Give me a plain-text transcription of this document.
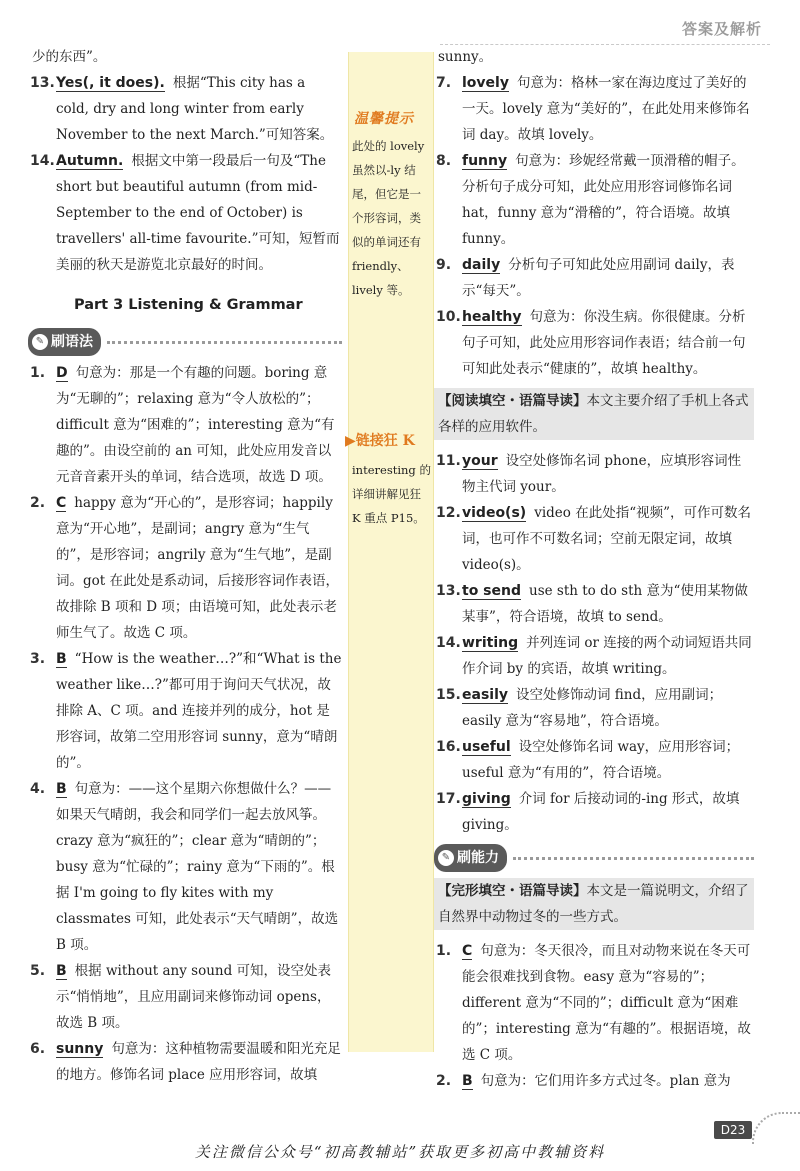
答案及解析
温馨提示
此处的 lovely 虽然以-ly 结尾，但它是一个形容词，类似的单词还有 friendly、lively 等。
▶链接狂 K
interesting 的详细讲解见狂 K 重点 P15。

少的东西”。

13. Yes(, it does). 根据“This city has a cold, dry and long winter from early November to the next March.”可知答案。
14. Autumn. 根据文中第一段最后一句及“The short but beautiful autumn (from mid-September to the end of October) is travellers' all-time favourite.”可知，短暂而美丽的秋天是游览北京最好的时间。
Part 3 Listening & Grammar
✎ 刷语法
1. D 句意为：那是一个有趣的问题。boring 意为“无聊的”；relaxing 意为“令人放松的”；difficult 意为“困难的”；interesting 意为“有趣的”。由设空前的 an 可知，此处应用发音以元音音素开头的单词，结合选项，故选 D 项。
2. C happy 意为“开心的”，是形容词；happily 意为“开心地”，是副词；angry 意为“生气的”，是形容词；angrily 意为“生气地”，是副词。got 在此处是系动词，后接形容词作表语，故排除 B 项和 D 项；由语境可知，此处表示老师生气了。故选 C 项。
3. B “How is the weather…?”和“What is the weather like…?”都可用于询问天气状况，故排除 A、C 项。and 连接并列的成分，hot 是形容词，故第二空用形容词 sunny，意为“晴朗的”。
4. B 句意为：——这个星期六你想做什么？——如果天气晴朗，我会和同学们一起去放风筝。crazy 意为“疯狂的”；clear 意为“晴朗的”；busy 意为“忙碌的”；rainy 意为“下雨的”。根据 I'm going to fly kites with my classmates 可知，此处表示“天气晴朗”，故选 B 项。
5. B 根据 without any sound 可知，设空处表示“悄悄地”，且应用副词来修饰动词 opens，故选 B 项。
6. sunny 句意为：这种植物需要温暖和阳光充足的地方。修饰名词 place 应用形容词，故填

sunny。

7. lovely 句意为：格林一家在海边度过了美好的一天。lovely 意为“美好的”，在此处用来修饰名词 day。故填 lovely。
8. funny 句意为：珍妮经常戴一顶滑稽的帽子。分析句子成分可知，此处应用形容词修饰名词 hat，funny 意为“滑稽的”，符合语境。故填 funny。
9. daily 分析句子可知此处应用副词 daily，表示“每天”。
10. healthy 句意为：你没生病。你很健康。分析句子可知，此处应用形容词作表语；结合前一句可知此处表示“健康的”，故填 healthy。
【阅读填空・语篇导读】本文主要介绍了手机上各式各样的应用软件。
11. your 设空处修饰名词 phone，应填形容词性物主代词 your。
12. video(s) video 在此处指“视频”，可作可数名词，也可作不可数名词；空前无限定词，故填 video(s)。
13. to send use sth to do sth 意为“使用某物做某事”，符合语境，故填 to send。
14. writing 并列连词 or 连接的两个动词短语共同作介词 by 的宾语，故填 writing。
15. easily 设空处修饰动词 find，应用副词；easily 意为“容易地”，符合语境。
16. useful 设空处修饰名词 way，应用形容词；useful 意为“有用的”，符合语境。
17. giving 介词 for 后接动词的-ing 形式，故填 giving。
✎ 刷能力
【完形填空・语篇导读】本文是一篇说明文，介绍了自然界中动物过冬的一些方式。
1. C 句意为：冬天很冷，而且对动物来说在冬天可能会很难找到食物。easy 意为“容易的”；different 意为“不同的”；difficult 意为“困难的”；interesting 意为“有趣的”。根据语境，故选 C 项。
2. B 句意为：它们用许多方式过冬。plan 意为
D23
关注微信公众号“初高教辅站”获取更多初高中教辅资料
